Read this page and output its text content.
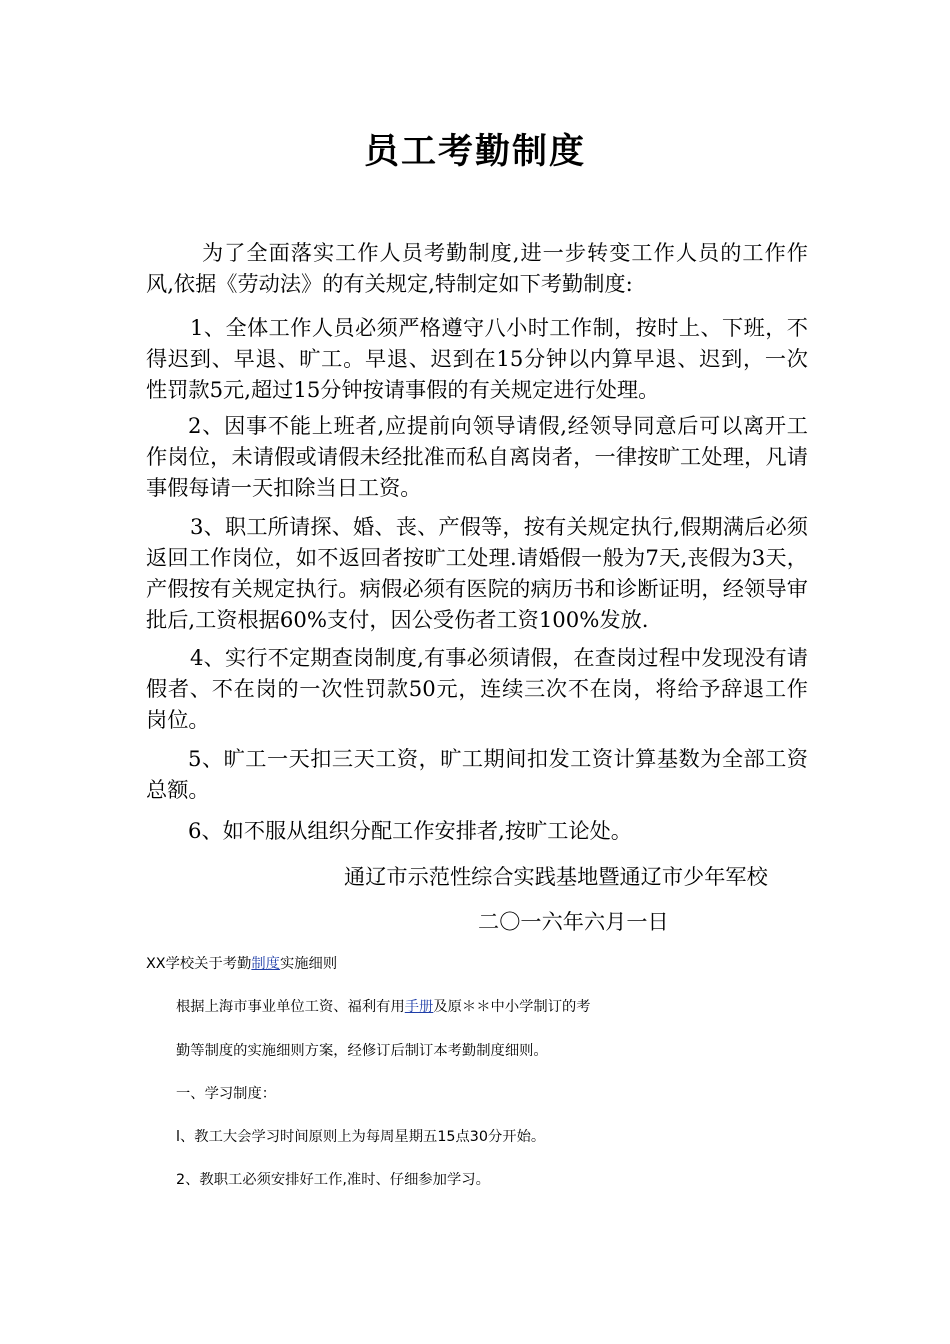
员工考勤制度
为了全面落实工作人员考勤制度,进一步转变工作人员的工作作风,依据《劳动法》的有关规定,特制定如下考勤制度:
1、全体工作人员必须严格遵守八小时工作制，按时上、下班，不得迟到、早退、旷工。早退、迟到在15分钟以内算早退、迟到，一次性罚款5元,超过15分钟按请事假的有关规定进行处理。
2、因事不能上班者,应提前向领导请假,经领导同意后可以离开工作岗位，未请假或请假未经批准而私自离岗者，一律按旷工处理，凡请事假每请一天扣除当日工资。
3、职工所请探、婚、丧、产假等，按有关规定执行,假期满后必须返回工作岗位，如不返回者按旷工处理.请婚假一般为7天,丧假为3天，产假按有关规定执行。病假必须有医院的病历书和诊断证明，经领导审批后,工资根据60%支付，因公受伤者工资100%发放.
4、实行不定期查岗制度,有事必须请假，在查岗过程中发现没有请假者、不在岗的一次性罚款50元，连续三次不在岗，将给予辞退工作岗位。
5、旷工一天扣三天工资，旷工期间扣发工资计算基数为全部工资总额。
6、如不服从组织分配工作安排者,按旷工论处。
通辽市示范性综合实践基地暨通辽市少年军校
二〇一六年六月一日
XX学校关于考勤制度实施细则
根据上海市事业单位工资、福利有用手册及原＊＊中小学制订的考
勤等制度的实施细则方案，经修订后制订本考勤制度细则。
一、学习制度：
l、教工大会学习时间原则上为每周星期五15点30分开始。
2、教职工必须安排好工作,准时、仔细参加学习。
